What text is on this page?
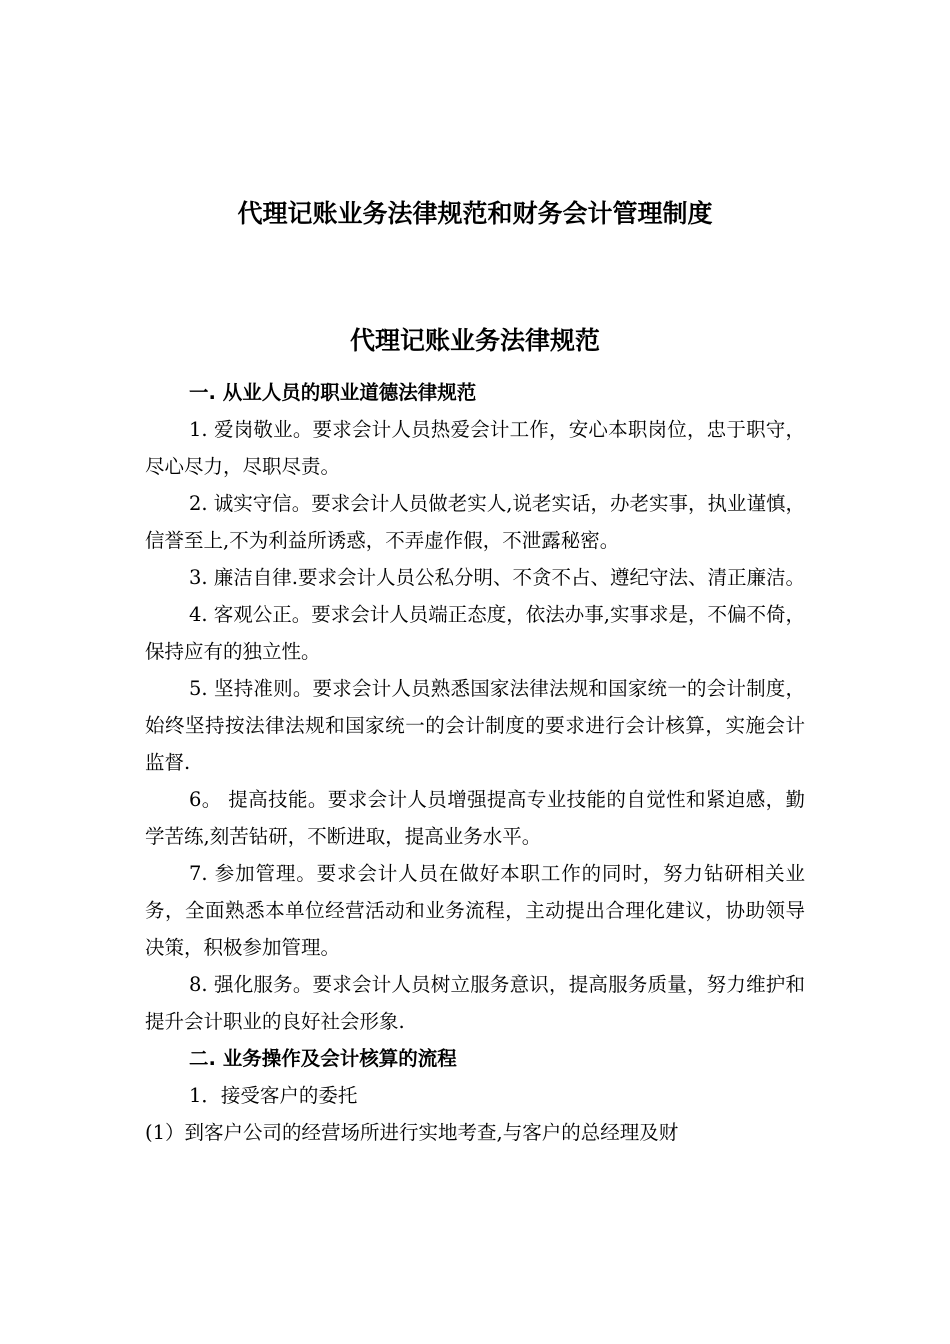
代理记账业务法律规范和财务会计管理制度
代理记账业务法律规范

一. 从业人员的职业道德法律规范

1. 爱岗敬业。要求会计人员热爱会计工作，安心本职岗位，忠于职守，尽心尽力，尽职尽责。

2. 诚实守信。要求会计人员做老实人,说老实话，办老实事，执业谨慎，信誉至上,不为利益所诱惑，不弄虚作假，不泄露秘密。

3. 廉洁自律.要求会计人员公私分明、不贪不占、遵纪守法、清正廉洁。

4. 客观公正。要求会计人员端正态度，依法办事,实事求是，不偏不倚，保持应有的独立性。

5. 坚持准则。要求会计人员熟悉国家法律法规和国家统一的会计制度，始终坚持按法律法规和国家统一的会计制度的要求进行会计核算，实施会计监督.

6。 提高技能。要求会计人员增强提高专业技能的自觉性和紧迫感，勤学苦练,刻苦钻研，不断进取，提高业务水平。

7. 参加管理。要求会计人员在做好本职工作的同时，努力钻研相关业务，全面熟悉本单位经营活动和业务流程，主动提出合理化建议，协助领导决策，积极参加管理。

8. 强化服务。要求会计人员树立服务意识，提高服务质量，努力维护和提升会计职业的良好社会形象.

二. 业务操作及会计核算的流程

1．接受客户的委托

(1）到客户公司的经营场所进行实地考查,与客户的总经理及财
